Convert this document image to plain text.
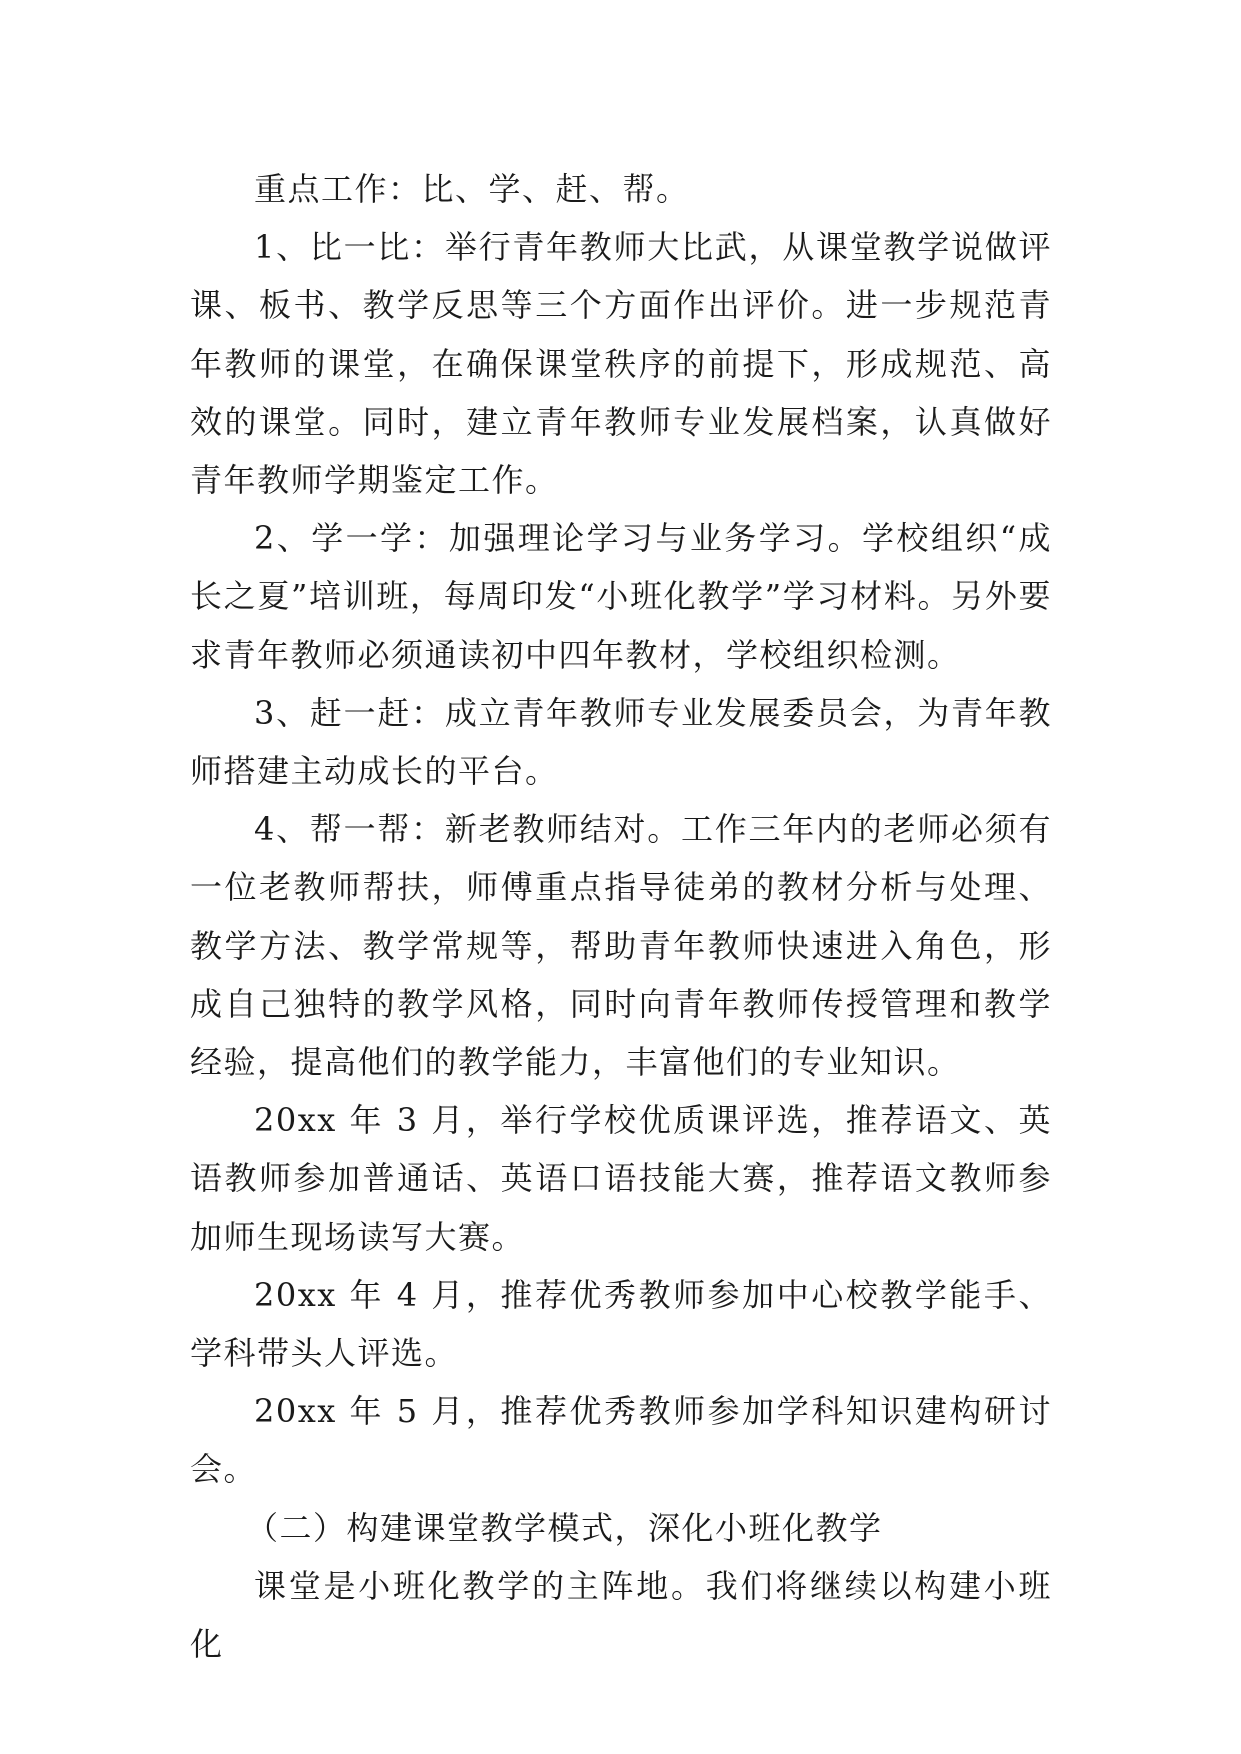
重点工作：比、学、赶、帮。

1、比一比：举行青年教师大比武，从课堂教学说做评课、板书、教学反思等三个方面作出评价。进一步规范青年教师的课堂，在确保课堂秩序的前提下，形成规范、高效的课堂。同时，建立青年教师专业发展档案，认真做好青年教师学期鉴定工作。

2、学一学：加强理论学习与业务学习。学校组织“成长之夏”培训班，每周印发“小班化教学”学习材料。另外要求青年教师必须通读初中四年教材，学校组织检测。

3、赶一赶：成立青年教师专业发展委员会，为青年教师搭建主动成长的平台。

4、帮一帮：新老教师结对。工作三年内的老师必须有一位老教师帮扶，师傅重点指导徒弟的教材分析与处理、教学方法、教学常规等，帮助青年教师快速进入角色，形成自己独特的教学风格，同时向青年教师传授管理和教学经验，提高他们的教学能力，丰富他们的专业知识。

20xx 年 3 月，举行学校优质课评选，推荐语文、英语教师参加普通话、英语口语技能大赛，推荐语文教师参加师生现场读写大赛。

20xx 年 4 月，推荐优秀教师参加中心校教学能手、学科带头人评选。

20xx 年 5 月，推荐优秀教师参加学科知识建构研讨会。

（二）构建课堂教学模式，深化小班化教学

课堂是小班化教学的主阵地。我们将继续以构建小班化
